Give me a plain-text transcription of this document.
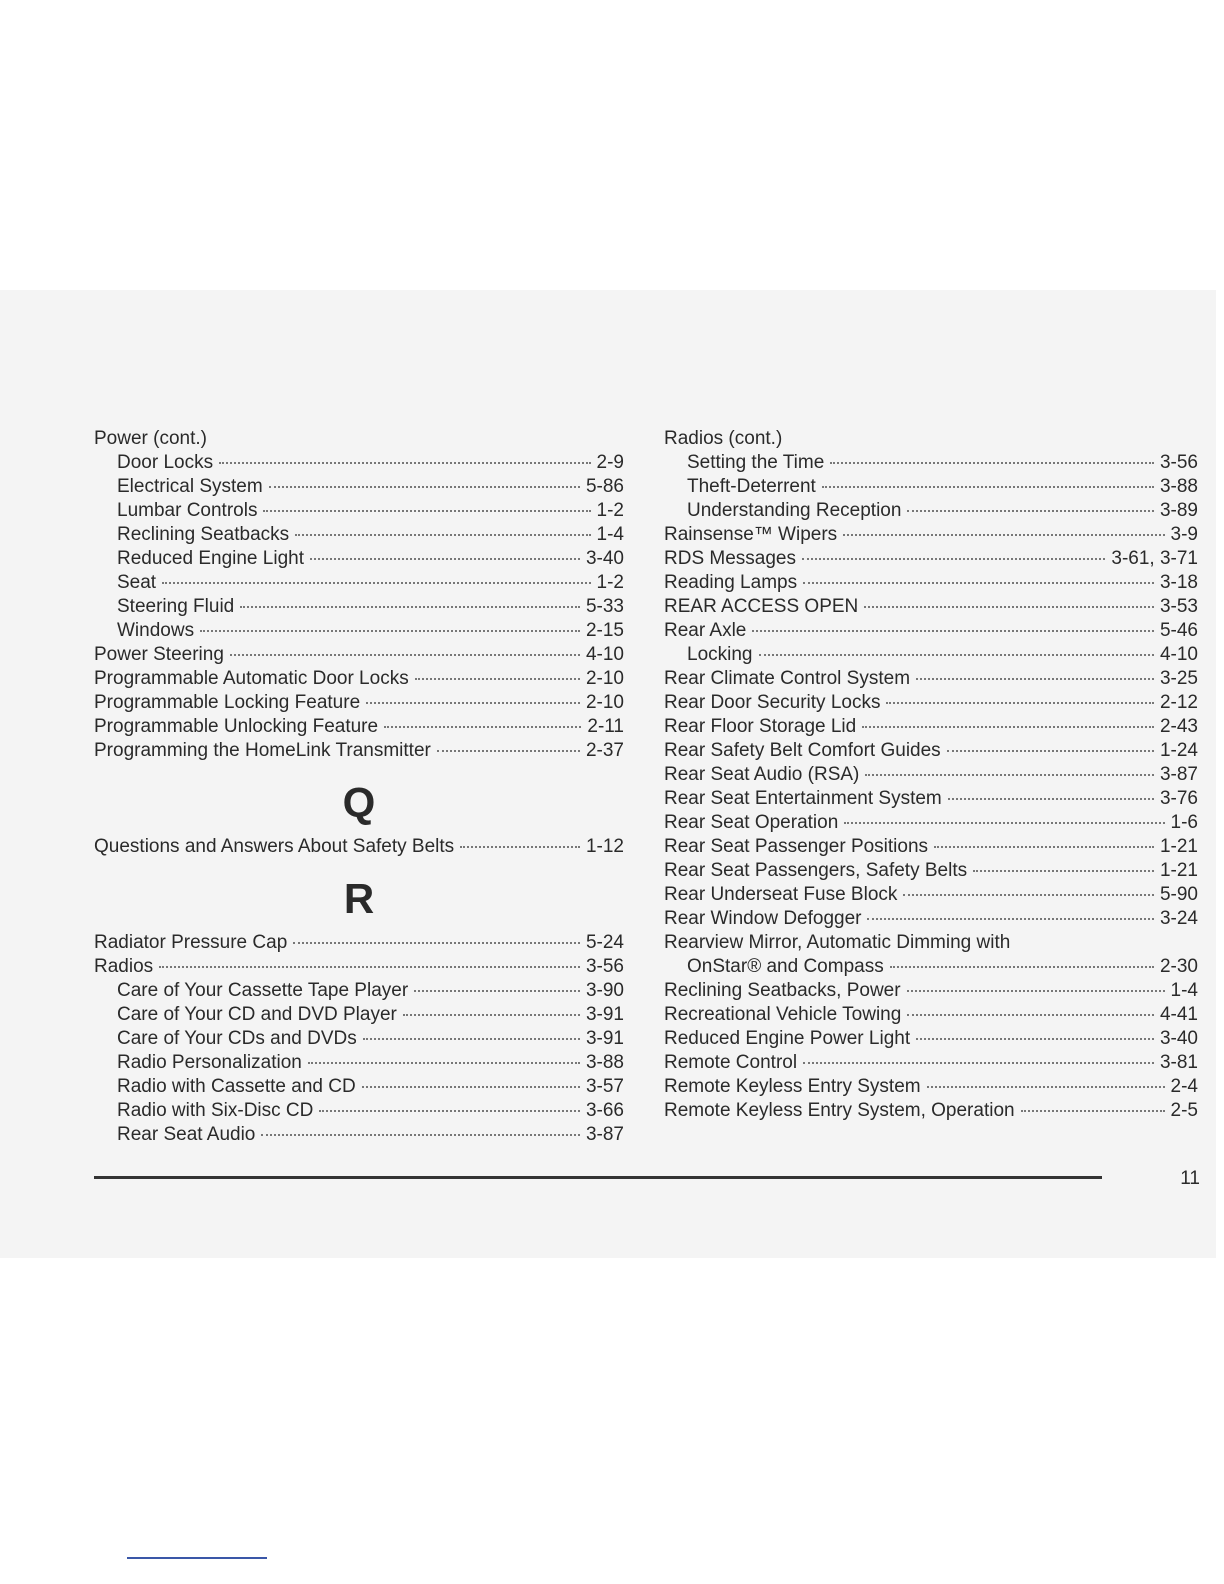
Power (cont.)
Door Locks	2-9
Electrical System	5-86
Lumbar Controls	1-2
Reclining Seatbacks	1-4
Reduced Engine Light	3-40
Seat	1-2
Steering Fluid	5-33
Windows	2-15
Power Steering	4-10
Programmable Automatic Door Locks	2-10
Programmable Locking Feature	2-10
Programmable Unlocking Feature	2-11
Programming the HomeLink Transmitter	2-37
Q
Questions and Answers About Safety Belts	1-12
R
Radiator Pressure Cap	5-24
Radios	3-56
Care of Your Cassette Tape Player	3-90
Care of Your CD and DVD Player	3-91
Care of Your CDs and DVDs	3-91
Radio Personalization	3-88
Radio with Cassette and CD	3-57
Radio with Six-Disc CD	3-66
Rear Seat Audio	3-87
Radios (cont.)
Setting the Time	3-56
Theft-Deterrent	3-88
Understanding Reception	3-89
Rainsense™ Wipers	3-9
RDS Messages	3-61, 3-71
Reading Lamps	3-18
REAR ACCESS OPEN	3-53
Rear Axle	5-46
Locking	4-10
Rear Climate Control System	3-25
Rear Door Security Locks	2-12
Rear Floor Storage Lid	2-43
Rear Safety Belt Comfort Guides	1-24
Rear Seat Audio (RSA)	3-87
Rear Seat Entertainment System	3-76
Rear Seat Operation	1-6
Rear Seat Passenger Positions	1-21
Rear Seat Passengers, Safety Belts	1-21
Rear Underseat Fuse Block	5-90
Rear Window Defogger	3-24
Rearview Mirror, Automatic Dimming with
OnStar® and Compass	2-30
Reclining Seatbacks, Power	1-4
Recreational Vehicle Towing	4-41
Reduced Engine Power Light	3-40
Remote Control	3-81
Remote Keyless Entry System	2-4
Remote Keyless Entry System, Operation	2-5
11
